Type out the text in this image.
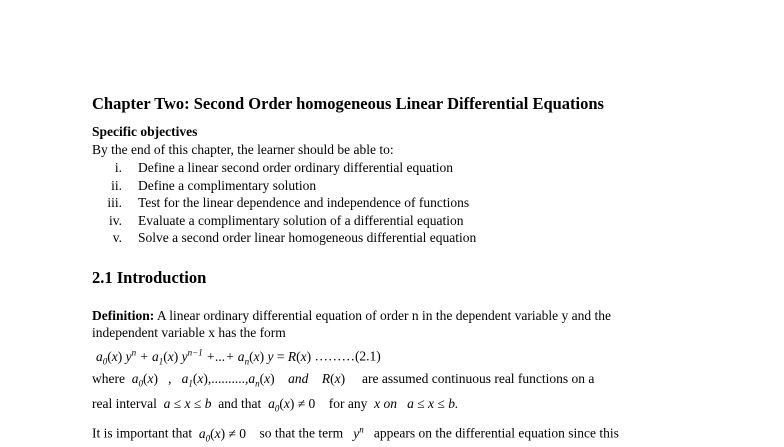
Chapter Two: Second Order homogeneous Linear Differential Equations
Specific objectives
By the end of this chapter, the learner should be able to:
i. Define a linear second order ordinary differential equation
ii. Define a complimentary solution
iii. Test for the linear dependence and independence of functions
iv. Evaluate a complimentary solution of a differential equation
v. Solve a second order linear homogeneous differential equation
2.1 Introduction
Definition: A linear ordinary differential equation of order n in the dependent variable y and the
independent variable x has the form
$a_0(x) y^n + a_1(x)$ $y^{n-1}$ +...+ $a_n(x) y = R(x)$ ………(2.1)
where  $a_0(x)$ ,   $a_1(x),..........,a_n(x)$ and    R(x) are assumed continuous real functions on a
real interval  a ≤ x ≤ b  and that  $a_0(x) \ne 0$ for any  x on   a ≤ x ≤ b.
It is important that  $a_0(x) \ne 0$ so that the term   $y^n$ appears on the differential equation since this
